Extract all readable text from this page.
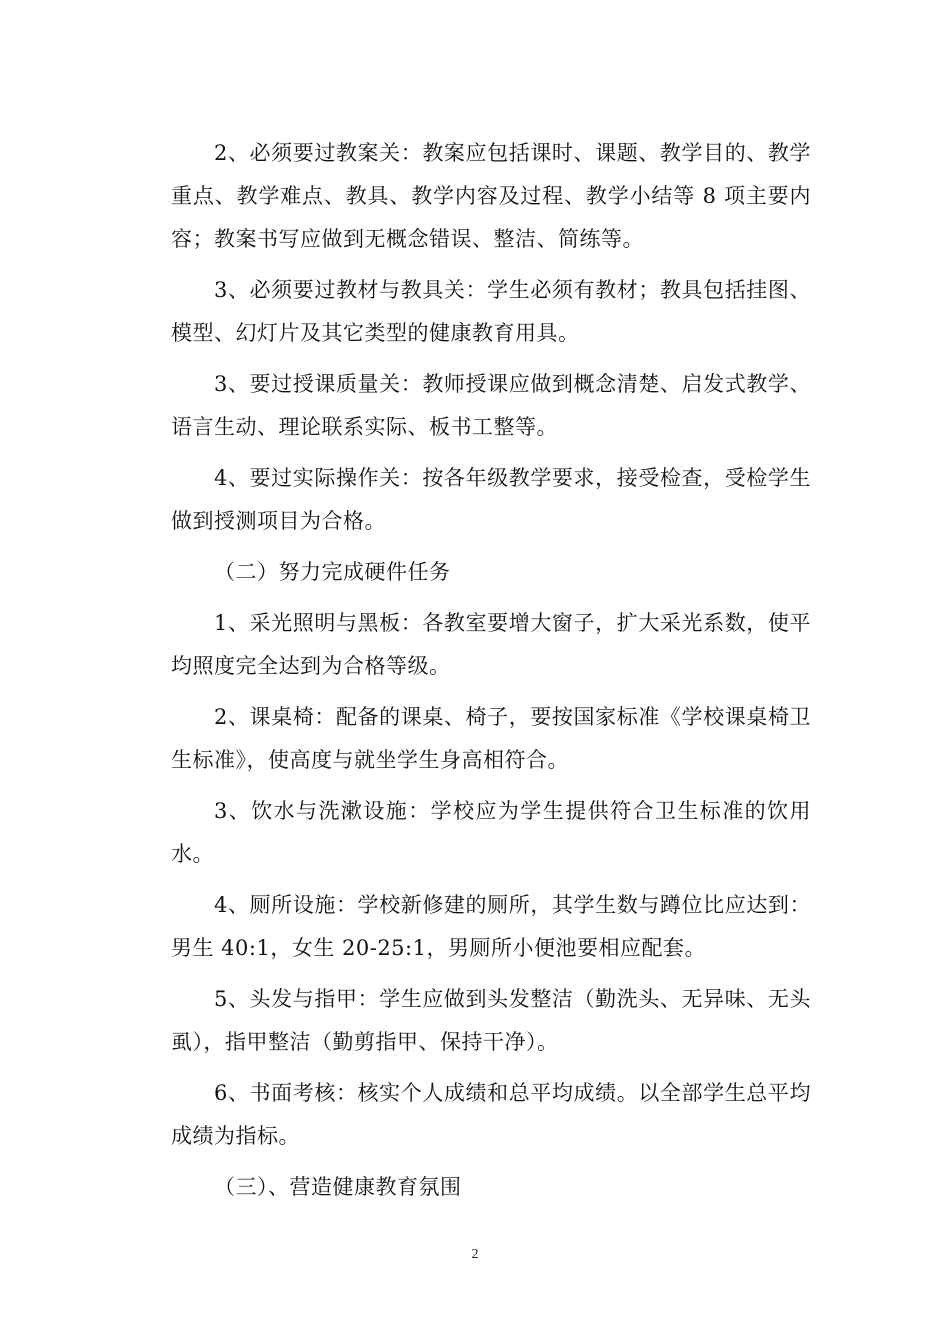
2、必须要过教案关：教案应包括课时、课题、教学目的、教学重点、教学难点、教具、教学内容及过程、教学小结等 8 项主要内容；教案书写应做到无概念错误、整洁、简练等。

3、必须要过教材与教具关：学生必须有教材；教具包括挂图、模型、幻灯片及其它类型的健康教育用具。

3、要过授课质量关：教师授课应做到概念清楚、启发式教学、语言生动、理论联系实际、板书工整等。

4、要过实际操作关：按各年级教学要求，接受检查，受检学生做到授测项目为合格。

（二）努力完成硬件任务

1、采光照明与黑板：各教室要增大窗子，扩大采光系数，使平均照度完全达到为合格等级。

2、课桌椅：配备的课桌、椅子，要按国家标准《学校课桌椅卫生标准》，使高度与就坐学生身高相符合。

3、饮水与洗漱设施：学校应为学生提供符合卫生标准的饮用水。

4、厕所设施：学校新修建的厕所，其学生数与蹲位比应达到：男生 40:1，女生 20-25:1，男厕所小便池要相应配套。

5、头发与指甲：学生应做到头发整洁（勤洗头、无异味、无头虱），指甲整洁（勤剪指甲、保持干净）。

6、书面考核：核实个人成绩和总平均成绩。以全部学生总平均成绩为指标。

（三）、营造健康教育氛围

2
